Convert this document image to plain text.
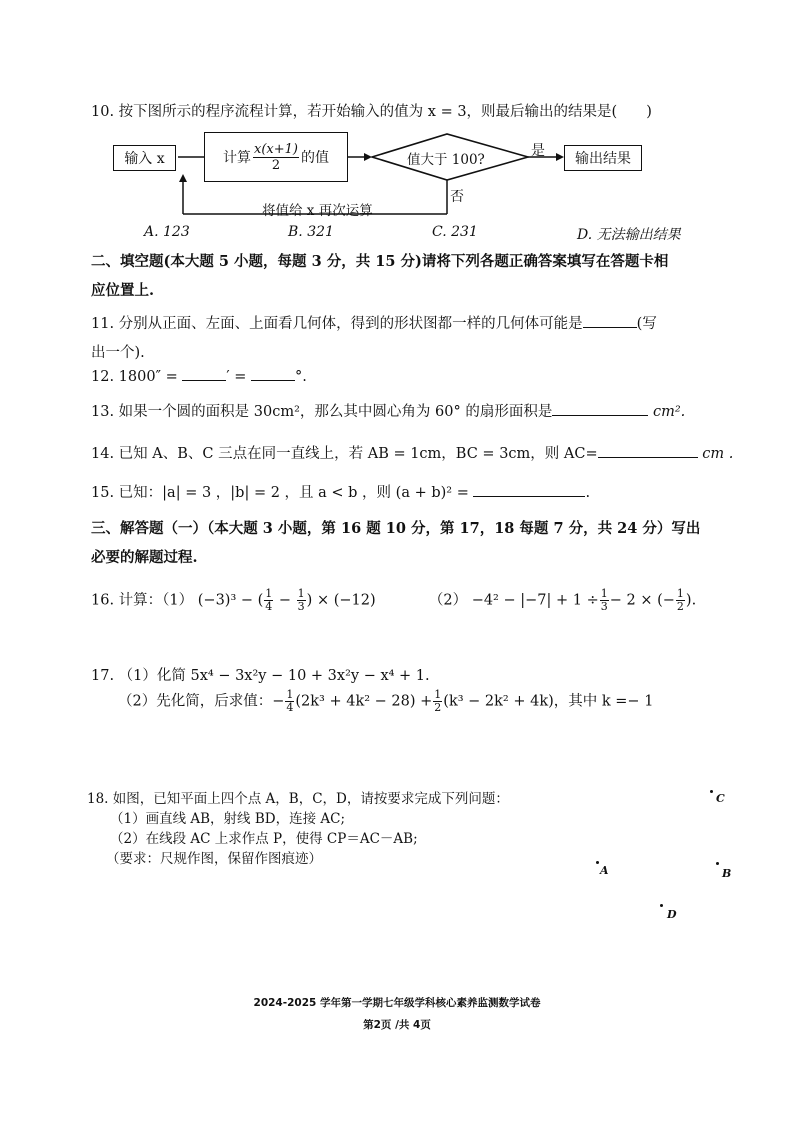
10. 按下图所示的程序流程计算，若开始输入的值为 x = 3，则最后输出的结果是(　　)
输入 x	计算 $\frac{x(x+1)}{2}$ 的值	值大于 100?
是
否
输出结果
将值给 x 再次运算
A. 123	B. 321	C. 231	D. 无法输出结果
二、填空题(本大题 5 小题，每题 3 分，共 15 分)请将下列各题正确答案填写在答题卡相
应位置上.
11. 分别从正面、左面、上面看几何体，得到的形状图都一样的几何体可能是	(写
出一个).
12. 1800″ =	′ =	°.
13. 如果一个圆的面积是 30cm²，那么其中圆心角为 60° 的扇形面积是	cm².
14. 已知 A、B、C 三点在同一直线上，若 AB = 1cm，BC = 3cm，则 AC=	cm .
15. 已知：|a| = 3 ，|b| = 2 ，且 a < b ，则 (a + b)² =	.
三、解答题（一）（本大题 3 小题，第 16 题 10 分，第 17，18 每题 7 分，共 24 分）写出
必要的解题过程.
16. 计算：（1） (−3)³ − ( $\frac{1}{4} - \frac{1}{3}$ ) × (−12)	$(2) -4^2 - |-7| + 1 \div \frac{1}{3} - 2$ × (− $\frac{1}{2}$ ).
17. （1）化简 5x⁴ − 3x²y − 10 + 3x²y − x⁴ + 1.
（2）先化简，后求值：− $\frac{1}{4} (2k^3 + 4k^2 - 28) + \frac{1}{2} (k^3 - 2k^2 + 4k)$，其中 k =− 1
18. 如图，已知平面上四个点 A，B，C，D，请按要求完成下列问题：
（1）画直线 AB，射线 BD，连接 AC;
（2）在线段 AC 上求作点 P，使得 CP＝AC－AB;
（要求：尺规作图，保留作图痕迹）
C
A	B
D
2024-2025 学年第一学期七年级学科核心素养监测数学试卷
第2页 /共 4页
